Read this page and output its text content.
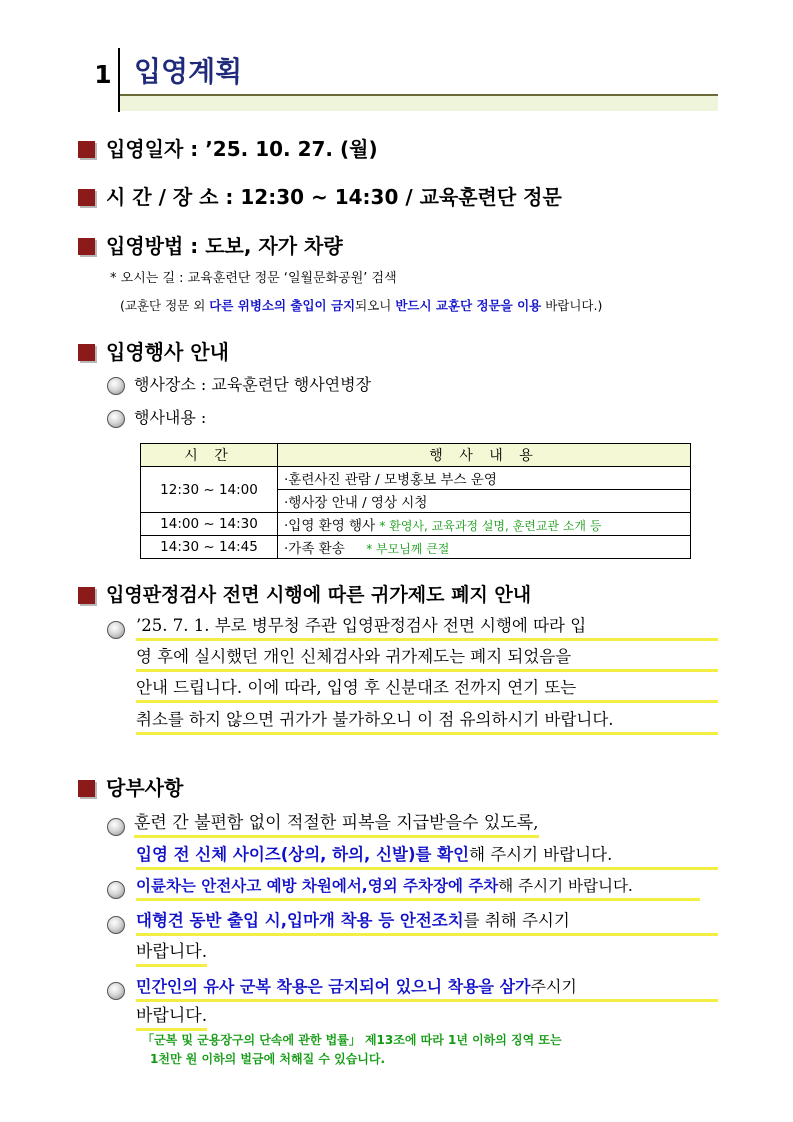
1 입영계획
입영일자 : ’25. 10. 27. (월)
시 간 / 장 소 : 12:30 ~ 14:30 / 교육훈련단 정문
입영방법 : 도보, 자가 차량
* 오시는 길 : 교육훈련단 정문 ‘일월문화공원’ 검색
(교훈단 정문 외 다른 위병소의 출입이 금지되오니 반드시 교훈단 정문을 이용 바랍니다.)
입영행사 안내
행사장소 : 교육훈련단 행사연병장
행사내용 :
시 간	행 사 내 용
12:30 ~ 14:00	·훈련사진 관람 / 모병홍보 부스 운영
	·행사장 안내 / 영상 시청
14:00 ~ 14:30	·입영 환영 행사 * 환영사, 교육과정 설명, 훈련교관 소개 등
14:30 ~ 14:45	·가족 환송 * 부모님께 큰절
입영판정검사 전면 시행에 따른 귀가제도 폐지 안내
’25. 7. 1. 부로 병무청 주관 입영판정검사 전면 시행에 따라 입
영 후에 실시했던 개인 신체검사와 귀가제도는 폐지 되었음을
안내 드립니다. 이에 따라, 입영 후 신분대조 전까지 연기 또는
취소를 하지 않으면 귀가가 불가하오니 이 점 유의하시기 바랍니다.
당부사항
훈련 간 불편함 없이 적절한 피복을 지급받을수 있도록,
입영 전 신체 사이즈(상의, 하의, 신발)를 확인해 주시기 바랍니다.
이륜차는 안전사고 예방 차원에서,영외 주차장에 주차해 주시기 바랍니다.
대형견 동반 출입 시,입마개 착용 등 안전조치를 취해 주시기
바랍니다.
민간인의 유사 군복 착용은 금지되어 있으니 착용을 삼가주시기
바랍니다.
「군복 및 군용장구의 단속에 관한 법률」 제13조에 따라 1년 이하의 징역 또는
1천만 원 이하의 벌금에 처해질 수 있습니다.
